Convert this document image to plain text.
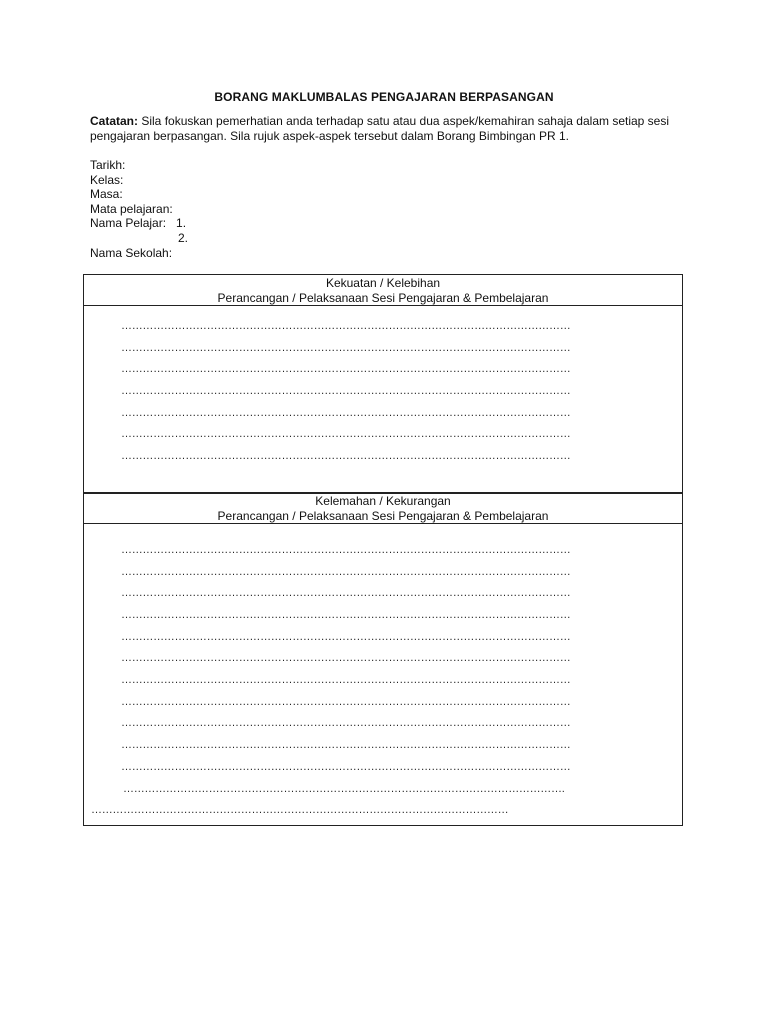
BORANG MAKLUMBALAS PENGAJARAN BERPASANGAN
Catatan: Sila fokuskan pemerhatian anda terhadap satu atau dua aspek/kemahiran sahaja dalam setiap sesi pengajaran berpasangan. Sila rujuk aspek-aspek tersebut dalam Borang Bimbingan PR 1.
Tarikh:
Kelas:
Masa:
Mata pelajaran:
Nama Pelajar:   1.
2.
Nama Sekolah:
Kekuatan / Kelebihan
Perancangan / Pelaksanaan Sesi Pengajaran & Pembelajaran
………………………………………………………………………………………………………………
………………………………………………………………………………………………………………
………………………………………………………………………………………………………………
………………………………………………………………………………………………………………
………………………………………………………………………………………………………………
………………………………………………………………………………………………………………
………………………………………………………………………………………………………………
Kelemahan / Kekurangan
Perancangan / Pelaksanaan Sesi Pengajaran & Pembelajaran
………………………………………………………………………………………………………………
………………………………………………………………………………………………………………
………………………………………………………………………………………………………………
………………………………………………………………………………………………………………
………………………………………………………………………………………………………………
………………………………………………………………………………………………………………
………………………………………………………………………………………………………………
………………………………………………………………………………………………………………
………………………………………………………………………………………………………………
………………………………………………………………………………………………………………
………………………………………………………………………………………………………………
…………………………………………………………………………………………………………….
………………………………………………………………………………………………………
